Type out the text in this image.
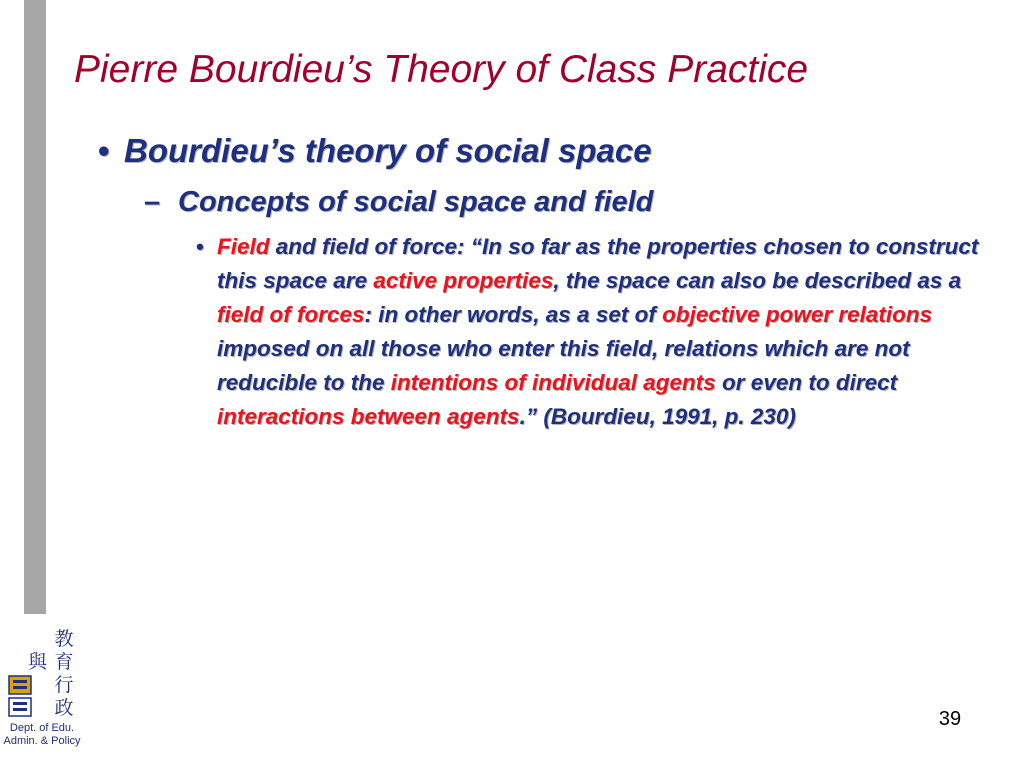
Pierre Bourdieu’s Theory of Class Practice
• Bourdieu’s theory of social space
– Concepts of social space and field
• Field and field of force: “In so far as the properties chosen to construct this space are active properties, the space can also be described as a field of forces: in other words, as a set of objective power relations imposed on all those who enter this field, relations which are not reducible to the intentions of individual agents or even to direct interactions between agents.” (Bourdieu, 1991, p. 230)
教
育
行
政
與
Dept. of Edu.
Admin. & Policy
39
